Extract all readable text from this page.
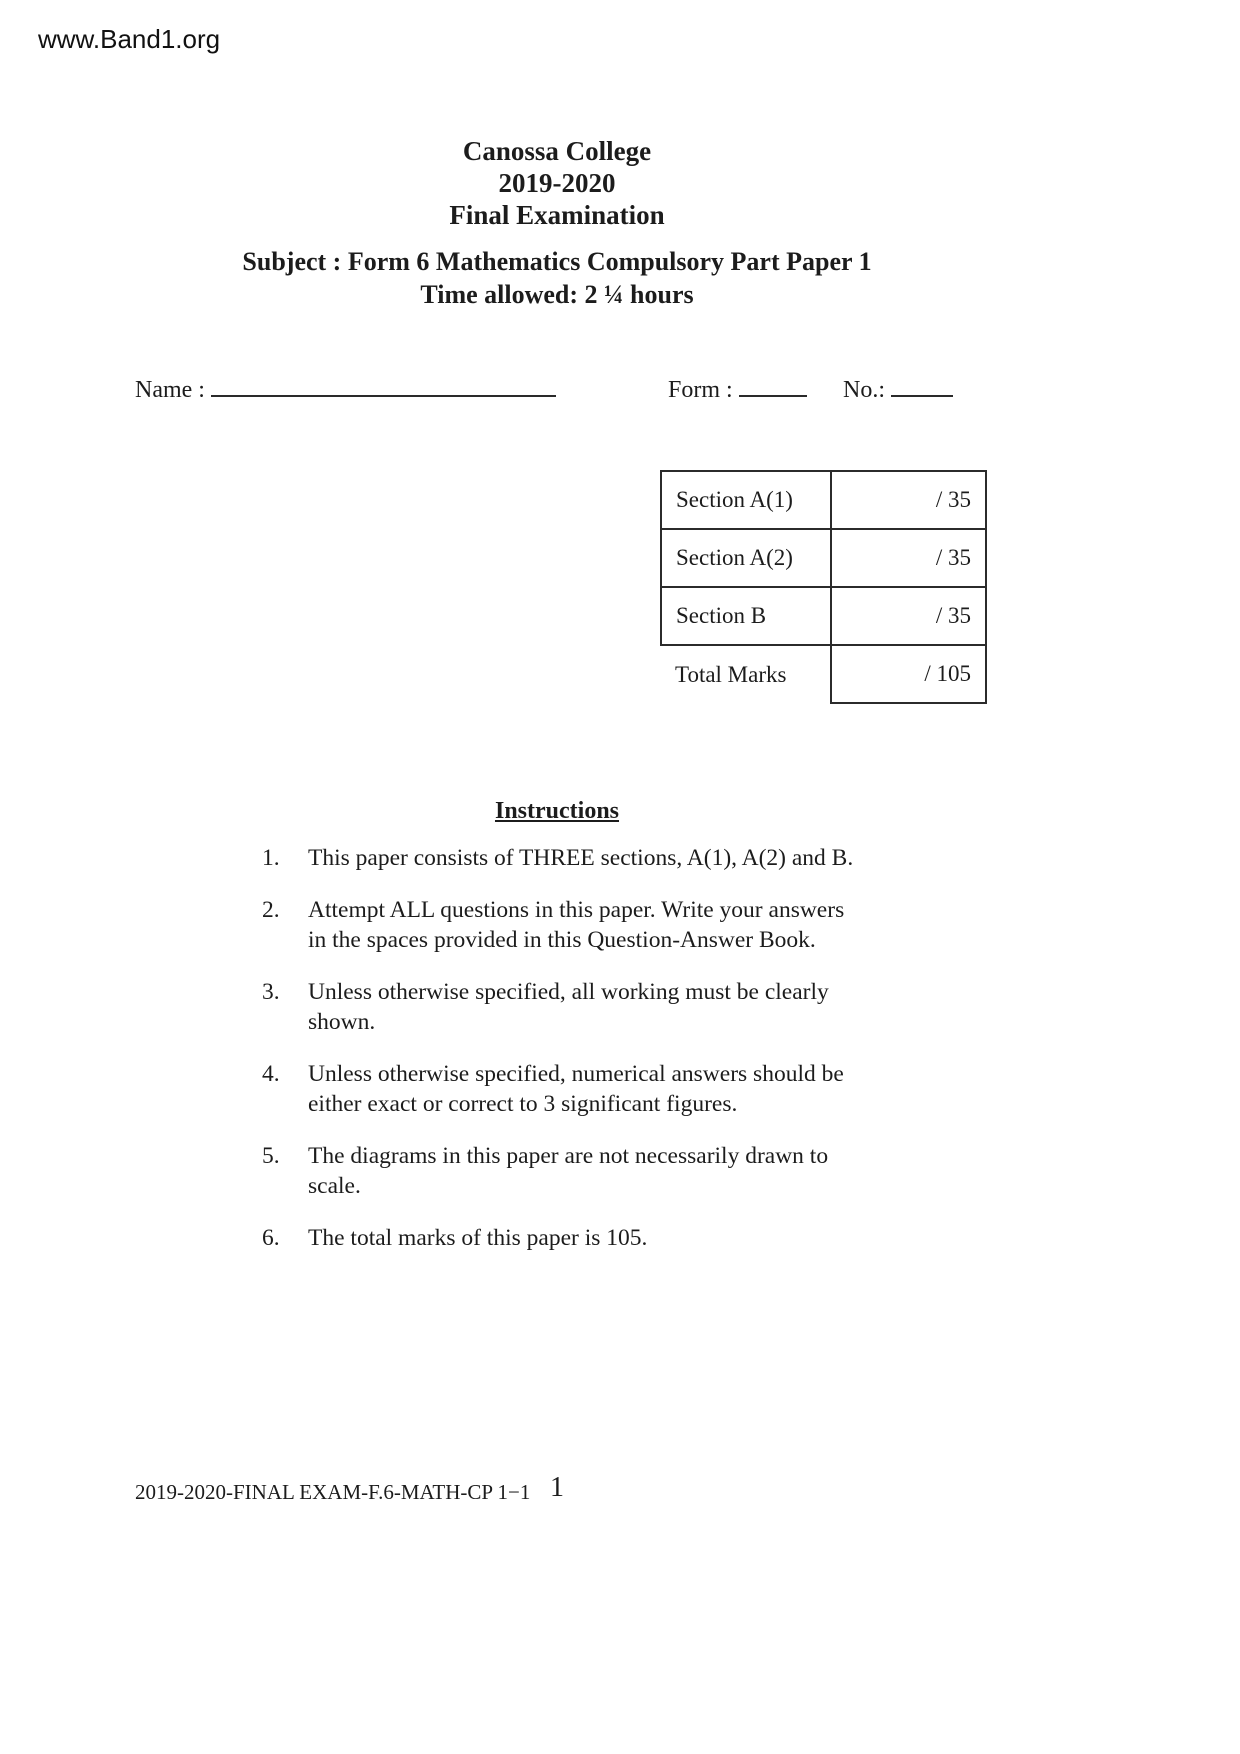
www.Band1.org
Canossa College
2019-2020
Final Examination
Subject : Form 6 Mathematics Compulsory Part Paper 1
Time allowed: 2 ¼ hours
Name :	Form :	No.:
Section A(1)	/ 35
Section A(2)	/ 35
Section B	/ 35
Total Marks	/ 105
Instructions
1.	This paper consists of THREE sections, A(1), A(2) and B.
2.	Attempt ALL questions in this paper. Write your answers in the spaces provided in this Question-Answer Book.
3.	Unless otherwise specified, all working must be clearly shown.
4.	Unless otherwise specified, numerical answers should be either exact or correct to 3 significant figures.
5.	The diagrams in this paper are not necessarily drawn to scale.
6.	The total marks of this paper is 105.
2019-2020-FINAL EXAM-F.6-MATH-CP 1−1 1
